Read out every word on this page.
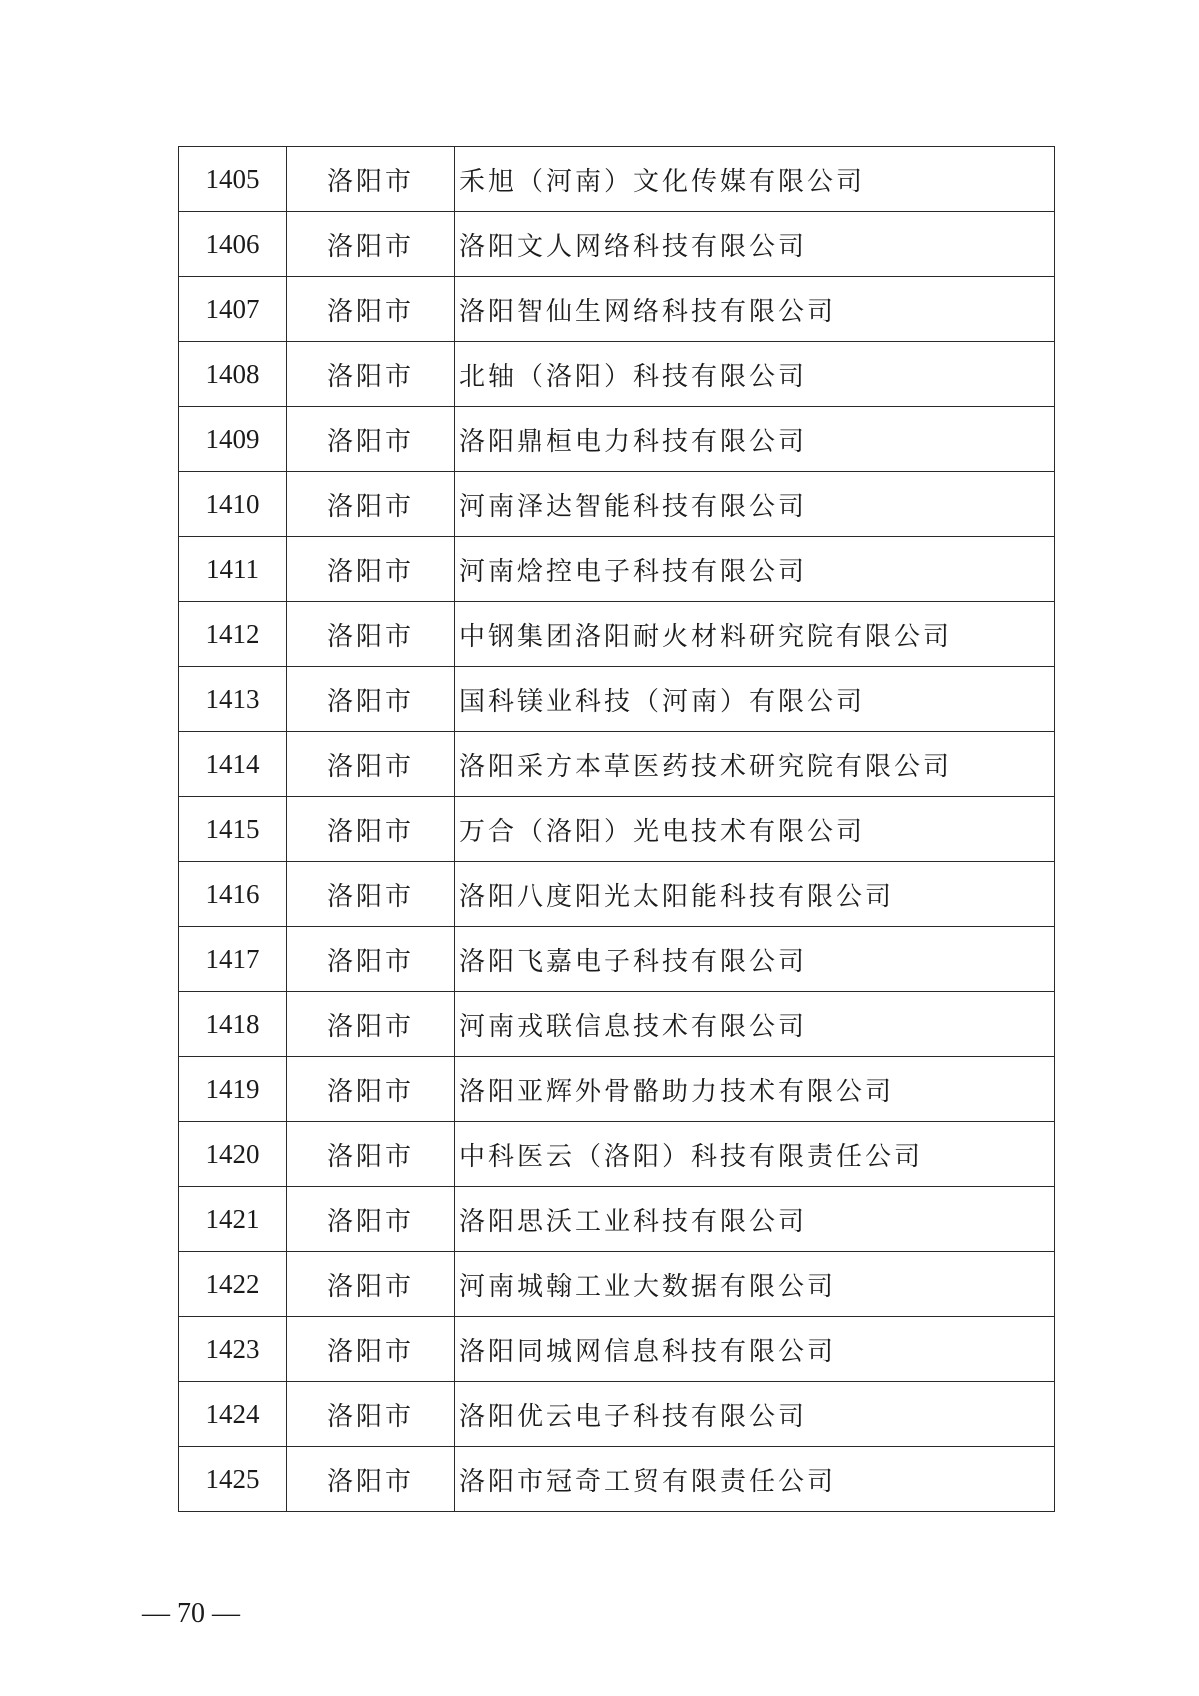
1405	洛阳市	禾旭（河南）文化传媒有限公司
1406	洛阳市	洛阳文人网络科技有限公司
1407	洛阳市	洛阳智仙生网络科技有限公司
1408	洛阳市	北轴（洛阳）科技有限公司
1409	洛阳市	洛阳鼎桓电力科技有限公司
1410	洛阳市	河南泽达智能科技有限公司
1411	洛阳市	河南焓控电子科技有限公司
1412	洛阳市	中钢集团洛阳耐火材料研究院有限公司
1413	洛阳市	国科镁业科技（河南）有限公司
1414	洛阳市	洛阳采方本草医药技术研究院有限公司
1415	洛阳市	万合（洛阳）光电技术有限公司
1416	洛阳市	洛阳八度阳光太阳能科技有限公司
1417	洛阳市	洛阳飞嘉电子科技有限公司
1418	洛阳市	河南戎联信息技术有限公司
1419	洛阳市	洛阳亚辉外骨骼助力技术有限公司
1420	洛阳市	中科医云（洛阳）科技有限责任公司
1421	洛阳市	洛阳思沃工业科技有限公司
1422	洛阳市	河南城翰工业大数据有限公司
1423	洛阳市	洛阳同城网信息科技有限公司
1424	洛阳市	洛阳优云电子科技有限公司
1425	洛阳市	洛阳市冠奇工贸有限责任公司
— 70 —
